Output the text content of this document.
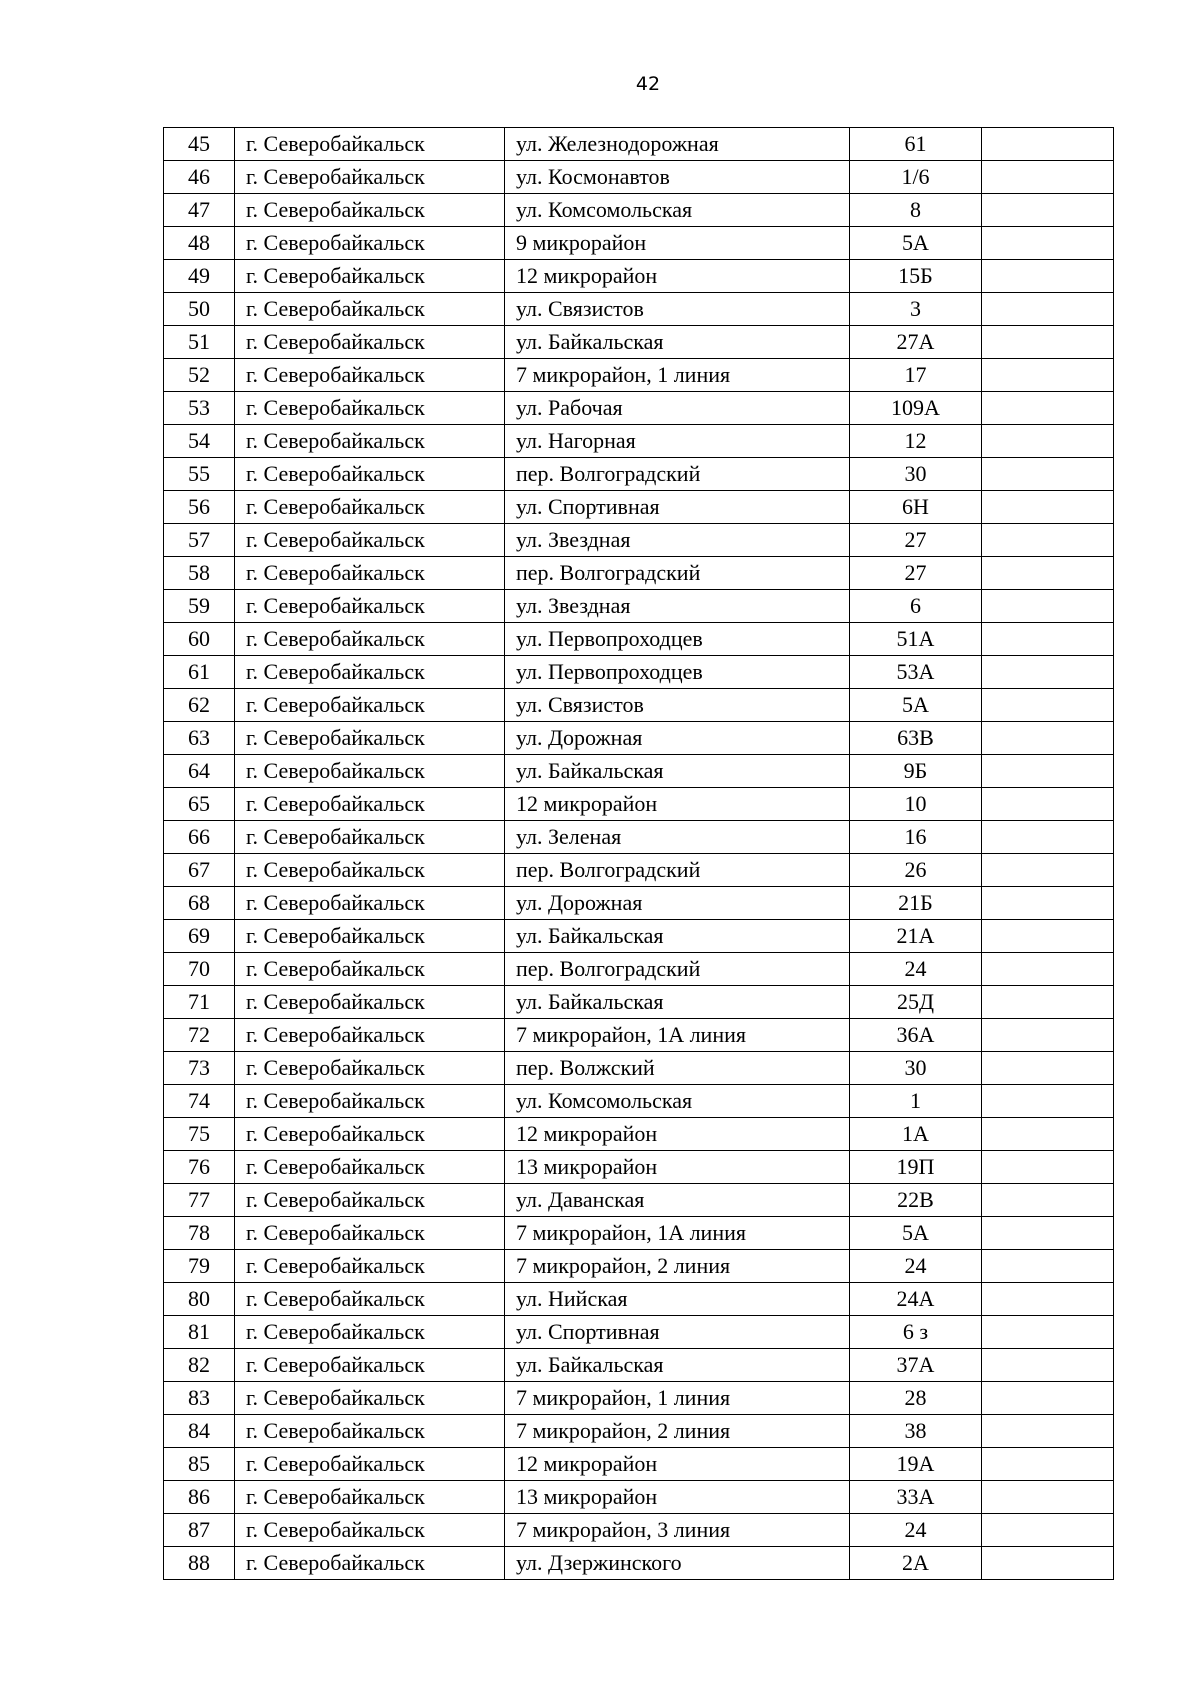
42
45	г. Северобайкальск	ул. Железнодорожная	61	
46	г. Северобайкальск	ул. Космонавтов	1/6	
47	г. Северобайкальск	ул. Комсомольская	8	
48	г. Северобайкальск	9 микрорайон	5А	
49	г. Северобайкальск	12 микрорайон	15Б	
50	г. Северобайкальск	ул. Связистов	3	
51	г. Северобайкальск	ул. Байкальская	27А	
52	г. Северобайкальск	7 микрорайон, 1 линия	17	
53	г. Северобайкальск	ул. Рабочая	109А	
54	г. Северобайкальск	ул. Нагорная	12	
55	г. Северобайкальск	пер. Волгоградский	30	
56	г. Северобайкальск	ул. Спортивная	6Н	
57	г. Северобайкальск	ул. Звездная	27	
58	г. Северобайкальск	пер. Волгоградский	27	
59	г. Северобайкальск	ул. Звездная	6	
60	г. Северобайкальск	ул. Первопроходцев	51А	
61	г. Северобайкальск	ул. Первопроходцев	53А	
62	г. Северобайкальск	ул. Связистов	5А	
63	г. Северобайкальск	ул. Дорожная	63В	
64	г. Северобайкальск	ул. Байкальская	9Б	
65	г. Северобайкальск	12 микрорайон	10	
66	г. Северобайкальск	ул. Зеленая	16	
67	г. Северобайкальск	пер. Волгоградский	26	
68	г. Северобайкальск	ул. Дорожная	21Б	
69	г. Северобайкальск	ул. Байкальская	21А	
70	г. Северобайкальск	пер. Волгоградский	24	
71	г. Северобайкальск	ул. Байкальская	25Д	
72	г. Северобайкальск	7 микрорайон, 1А линия	36А	
73	г. Северобайкальск	пер. Волжский	30	
74	г. Северобайкальск	ул. Комсомольская	1	
75	г. Северобайкальск	12 микрорайон	1А	
76	г. Северобайкальск	13 микрорайон	19П	
77	г. Северобайкальск	ул. Даванская	22В	
78	г. Северобайкальск	7 микрорайон, 1А линия	5А	
79	г. Северобайкальск	7 микрорайон, 2 линия	24	
80	г. Северобайкальск	ул. Нийская	24А	
81	г. Северобайкальск	ул. Спортивная	6 з	
82	г. Северобайкальск	ул. Байкальская	37А	
83	г. Северобайкальск	7 микрорайон, 1 линия	28	
84	г. Северобайкальск	7 микрорайон, 2 линия	38	
85	г. Северобайкальск	12 микрорайон	19А	
86	г. Северобайкальск	13 микрорайон	33А	
87	г. Северобайкальск	7 микрорайон, 3 линия	24	
88	г. Северобайкальск	ул. Дзержинского	2А	
